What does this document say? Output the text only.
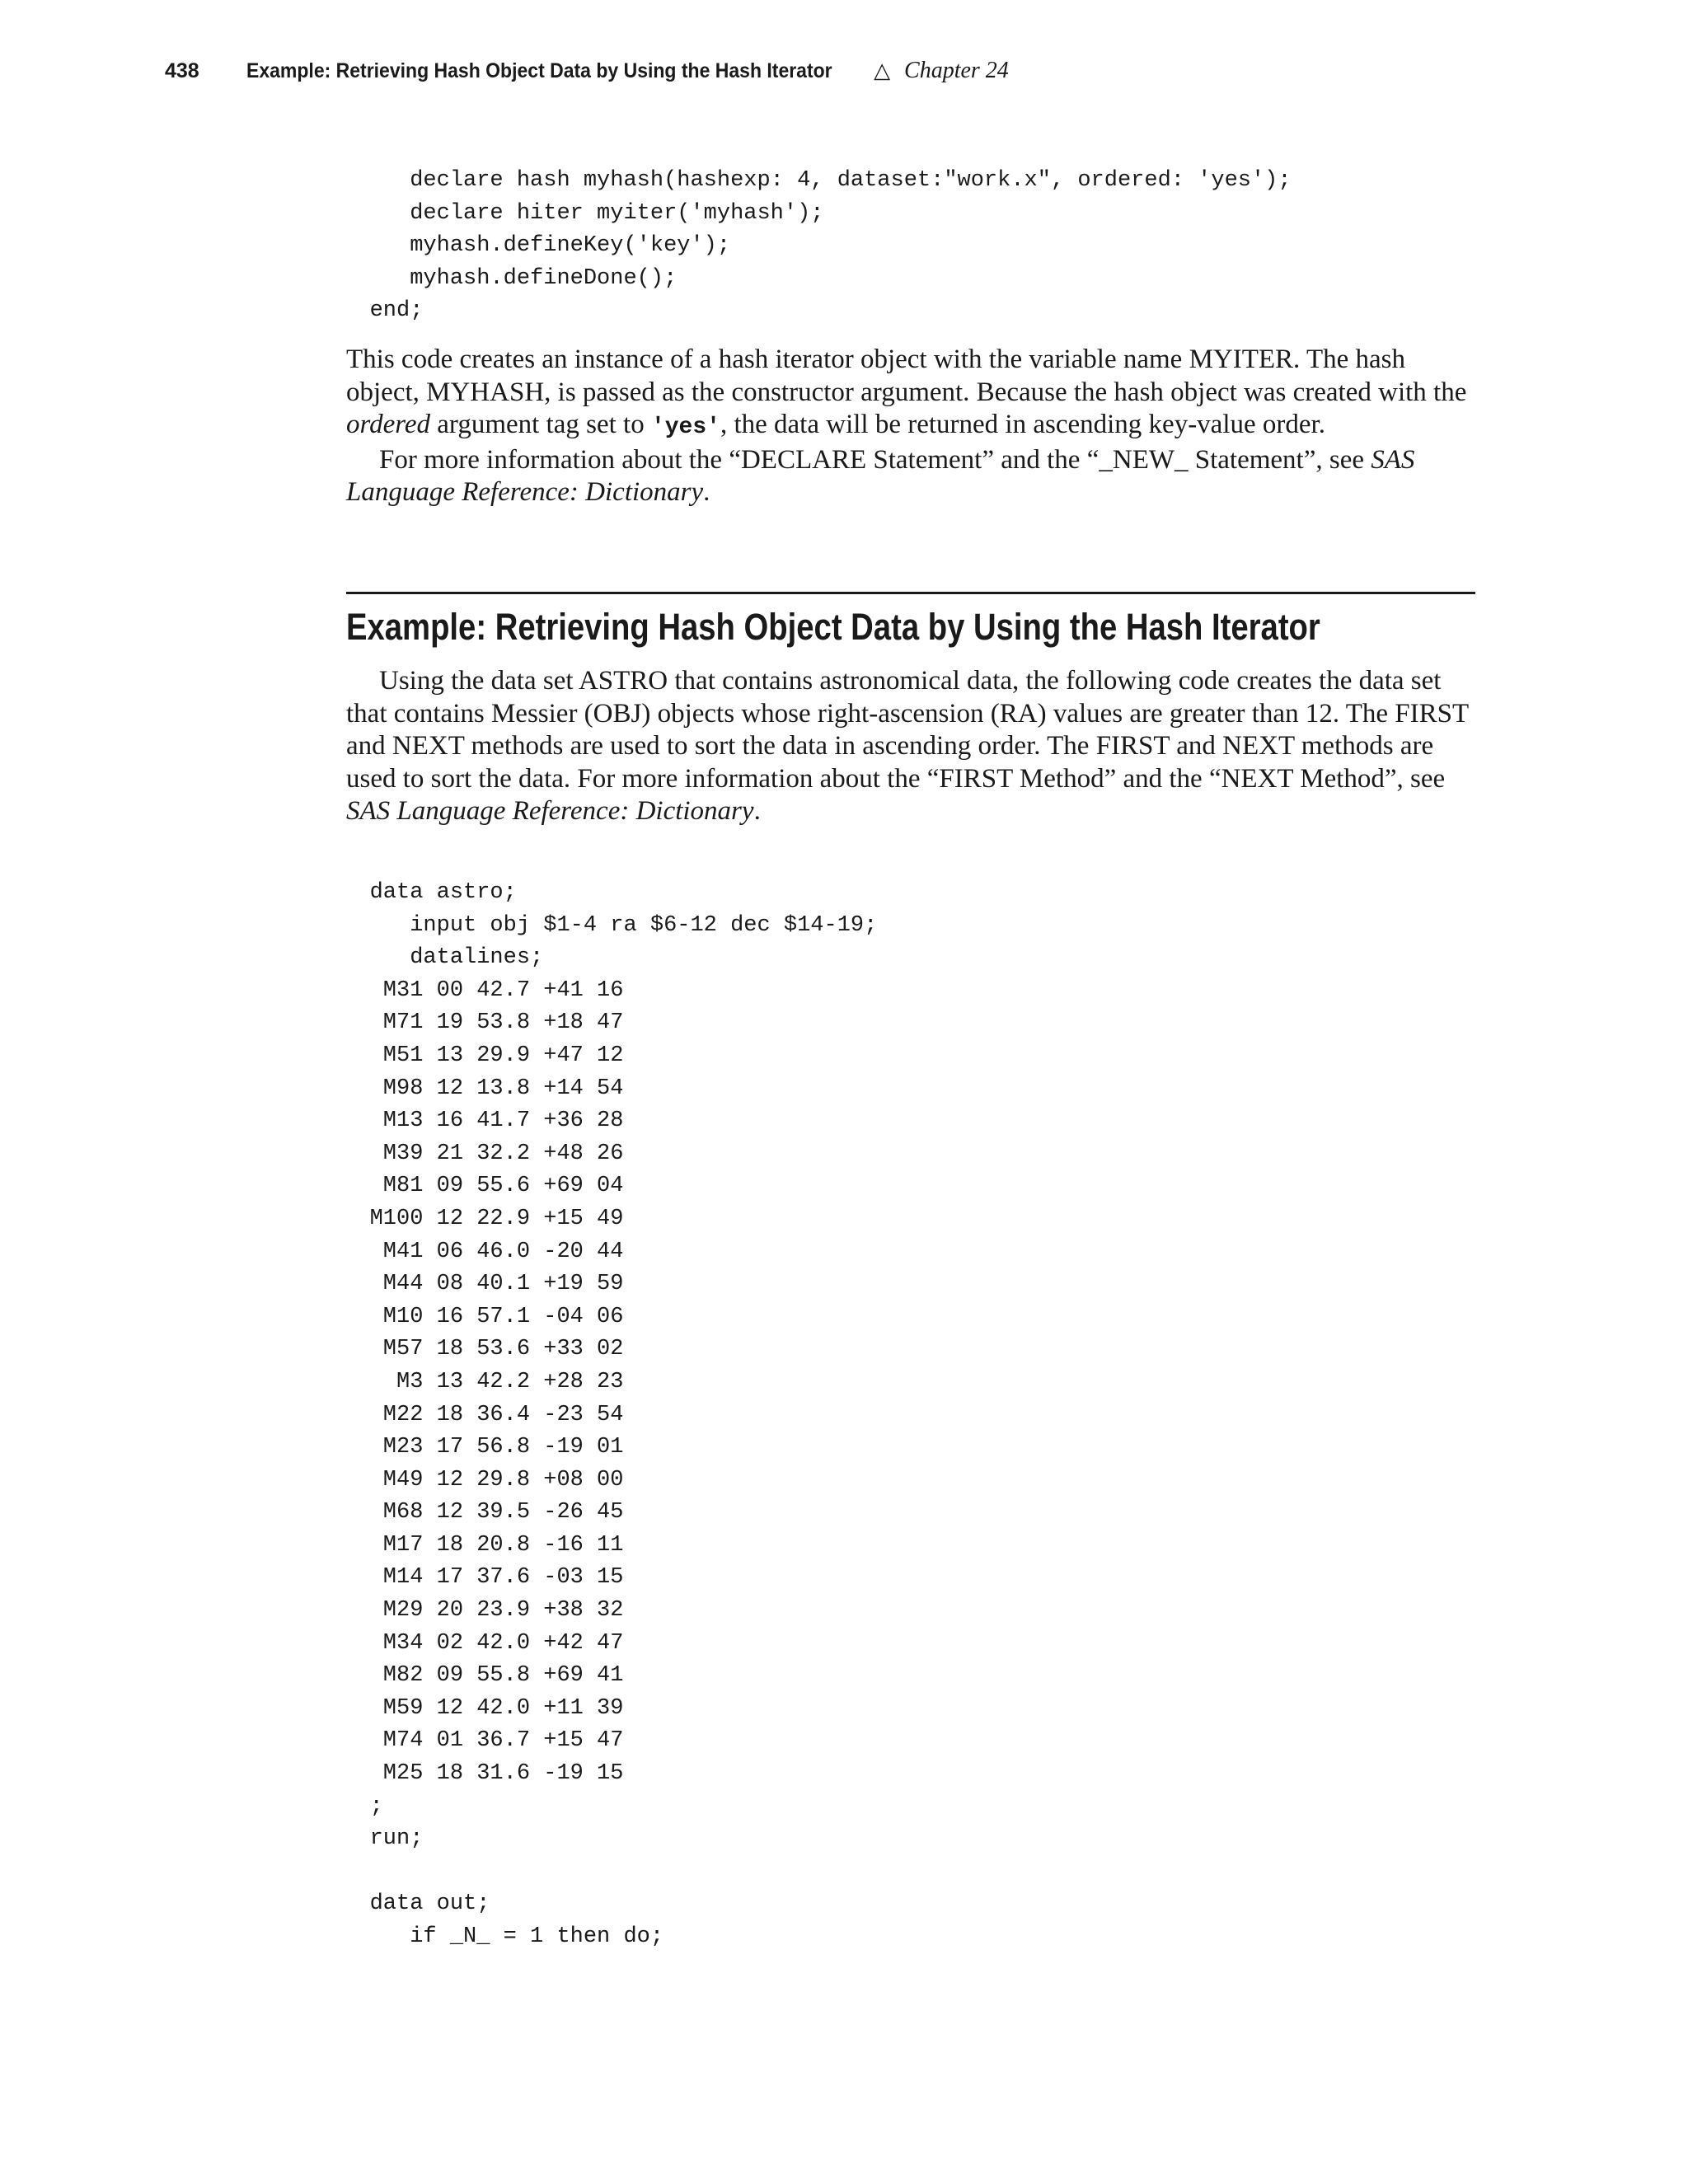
438 Example: Retrieving Hash Object Data by Using the Hash Iterator △ Chapter 24
declare hash myhash(hashexp: 4, dataset:"work.x", ordered: 'yes');
declare hiter myiter('myhash');
myhash.defineKey('key');
myhash.defineDone();
end;

This code creates an instance of a hash iterator object with the variable name MYITER. The hash object, MYHASH, is passed as the constructor argument. Because the hash object was created with the ordered argument tag set to 'yes', the data will be returned in ascending key-value order.

For more information about the “DECLARE Statement” and the “_NEW_ Statement”, see SAS Language Reference: Dictionary.

Example: Retrieving Hash Object Data by Using the Hash Iterator

Using the data set ASTRO that contains astronomical data, the following code creates the data set that contains Messier (OBJ) objects whose right-ascension (RA) values are greater than 12. The FIRST and NEXT methods are used to sort the data in ascending order. The FIRST and NEXT methods are used to sort the data. For more information about the “FIRST Method” and the “NEXT Method”, see SAS Language Reference: Dictionary.

data astro;
input obj $1-4 ra $6-12 dec $14-19;
datalines;
M31 00 42.7 +41 16
M71 19 53.8 +18 47
M51 13 29.9 +47 12
M98 12 13.8 +14 54
M13 16 41.7 +36 28
M39 21 32.2 +48 26
M81 09 55.6 +69 04
M100 12 22.9 +15 49
M41 06 46.0 -20 44
M44 08 40.1 +19 59
M10 16 57.1 -04 06
M57 18 53.6 +33 02
M3 13 42.2 +28 23
M22 18 36.4 -23 54
M23 17 56.8 -19 01
M49 12 29.8 +08 00
M68 12 39.5 -26 45
M17 18 20.8 -16 11
M14 17 37.6 -03 15
M29 20 23.9 +38 32
M34 02 42.0 +42 47
M82 09 55.8 +69 41
M59 12 42.0 +11 39
M74 01 36.7 +15 47
M25 18 31.6 -19 15
;
run;

data out;
if _N_ = 1 then do;
